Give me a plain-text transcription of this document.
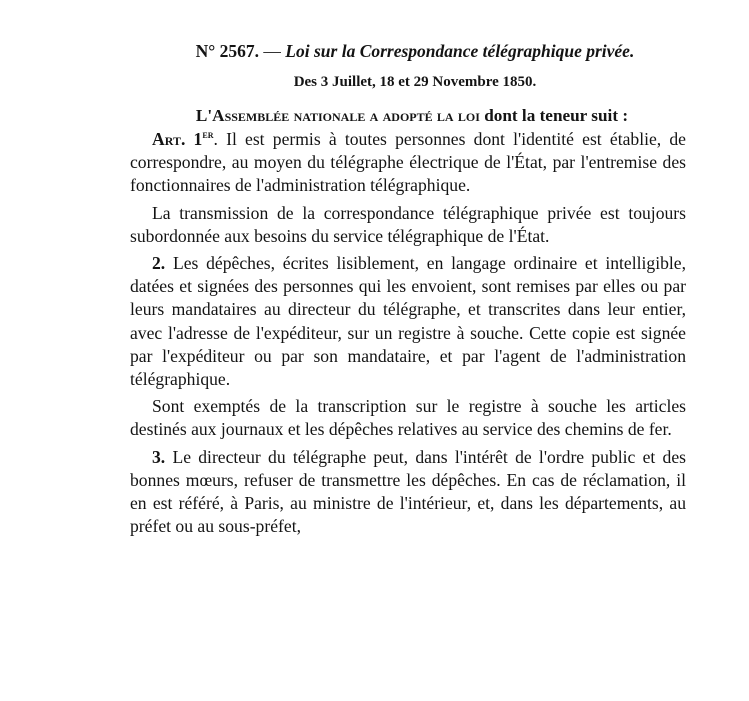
N° 2567. — Loi sur la Correspondance télégraphique privée.

Des 3 Juillet, 18 et 29 Novembre 1850.

L'Assemblée nationale a adopté la loi dont la teneur suit :

Art. 1er. Il est permis à toutes personnes dont l'identité est établie, de correspondre, au moyen du télégraphe électrique de l'État, par l'entremise des fonctionnaires de l'administration télégraphique.

La transmission de la correspondance télégraphique privée est toujours subordonnée aux besoins du service télégraphique de l'État.

2. Les dépêches, écrites lisiblement, en langage ordinaire et intelligible, datées et signées des personnes qui les envoient, sont remises par elles ou par leurs mandataires au directeur du télégraphe, et transcrites dans leur entier, avec l'adresse de l'expéditeur, sur un registre à souche. Cette copie est signée par l'expéditeur ou par son mandataire, et par l'agent de l'administration télégraphique.

Sont exemptés de la transcription sur le registre à souche les articles destinés aux journaux et les dépêches relatives au service des chemins de fer.

3. Le directeur du télégraphe peut, dans l'intérêt de l'ordre public et des bonnes mœurs, refuser de transmettre les dépêches. En cas de réclamation, il en est référé, à Paris, au ministre de l'intérieur, et, dans les départements, au préfet ou au sous-préfet,
